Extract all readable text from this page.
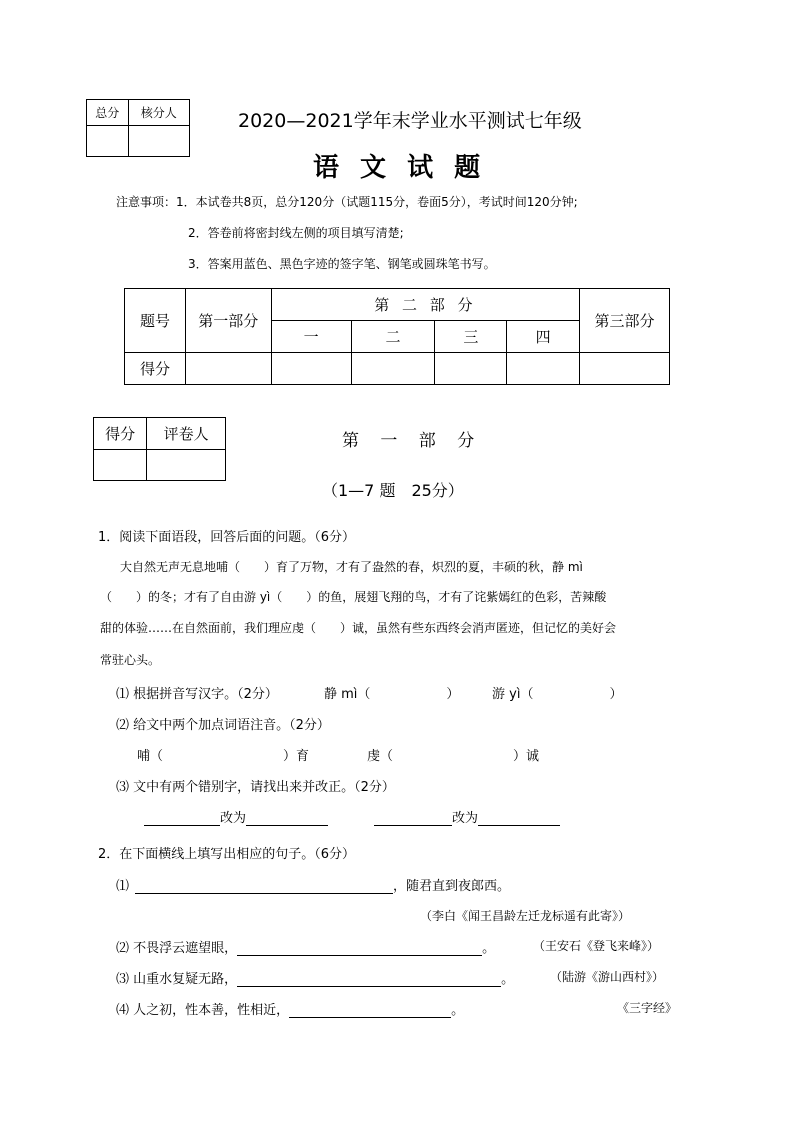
总分	核分人
		2020—2021学年末学业水平测试七年级
语 文 试 题
注意事项：1．本试卷共8页，总分120分（试题115分，卷面5分），考试时间120分钟;
2．答卷前将密封线左侧的项目填写清楚;
3．答案用蓝色、黑色字迹的签字笔、钢笔或圆珠笔书写。
题号	第一部分	第 二 部 分				第三部分
		一	二	三	四	
得分						
得分	评卷人
		第 一 部 分
（1—7 题　25分）
1．阅读下面语段，回答后面的问题。（6分）
大自然无声无息地哺（　　）育了万物，才有了盎然的春，炽烈的夏，丰硕的秋，静 mì
（　　）的冬；才有了自由游 yì（　　）的鱼，展翅飞翔的鸟，才有了诧紫嫣红的色彩，苦辣酸
甜的体验……在自然面前，我们理应虔（　　）诚，虽然有些东西终会消声匿迹，但记忆的美好会
常驻心头。
⑴ 根据拼音写汉字。（2分）	静 mì（	）	游 yì（	）
⑵ 给文中两个加点词语注音。（2分）
哺（	）育	虔（	）诚
⑶ 文中有两个错别字，请找出来并改正。（2分）
改为	改为
2．在下面横线上填写出相应的句子。（6分）
⑴	，随君直到夜郎西。
（李白《闻王昌龄左迁龙标遥有此寄》）
⑵ 不畏浮云遮望眼，	。	（王安石《登飞来峰》）
⑶ 山重水复疑无路，	。	（陆游《游山西村》）
⑷ 人之初，性本善，性相近，	。	《三字经》
